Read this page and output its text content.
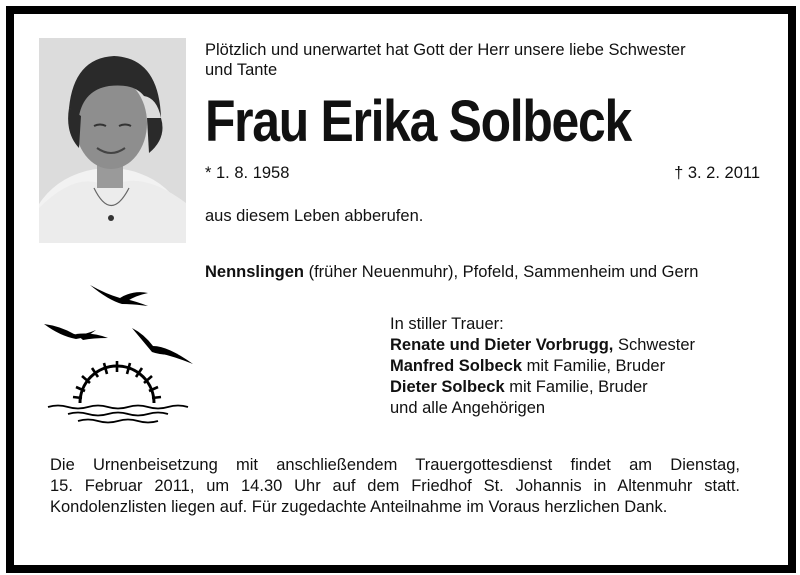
Plötzlich und unerwartet hat Gott der Herr unsere liebe Schwester
und Tante
Frau Erika Solbeck
* 1. 8. 1958	† 3. 2. 2011
aus diesem Leben abberufen.
Nennslingen (früher Neuenmuhr), Pfofeld, Sammenheim und Gern
In stiller Trauer:
Renate und Dieter Vorbrugg, Schwester
Manfred Solbeck mit Familie, Bruder
Dieter Solbeck mit Familie, Bruder
und alle Angehörigen
Die Urnenbeisetzung mit anschließendem Trauergottesdienst findet am Dienstag,
15. Februar 2011, um 14.30 Uhr auf dem Friedhof St. Johannis in Altenmuhr statt.
Kondolenzlisten liegen auf. Für zugedachte Anteilnahme im Voraus herzlichen Dank.
